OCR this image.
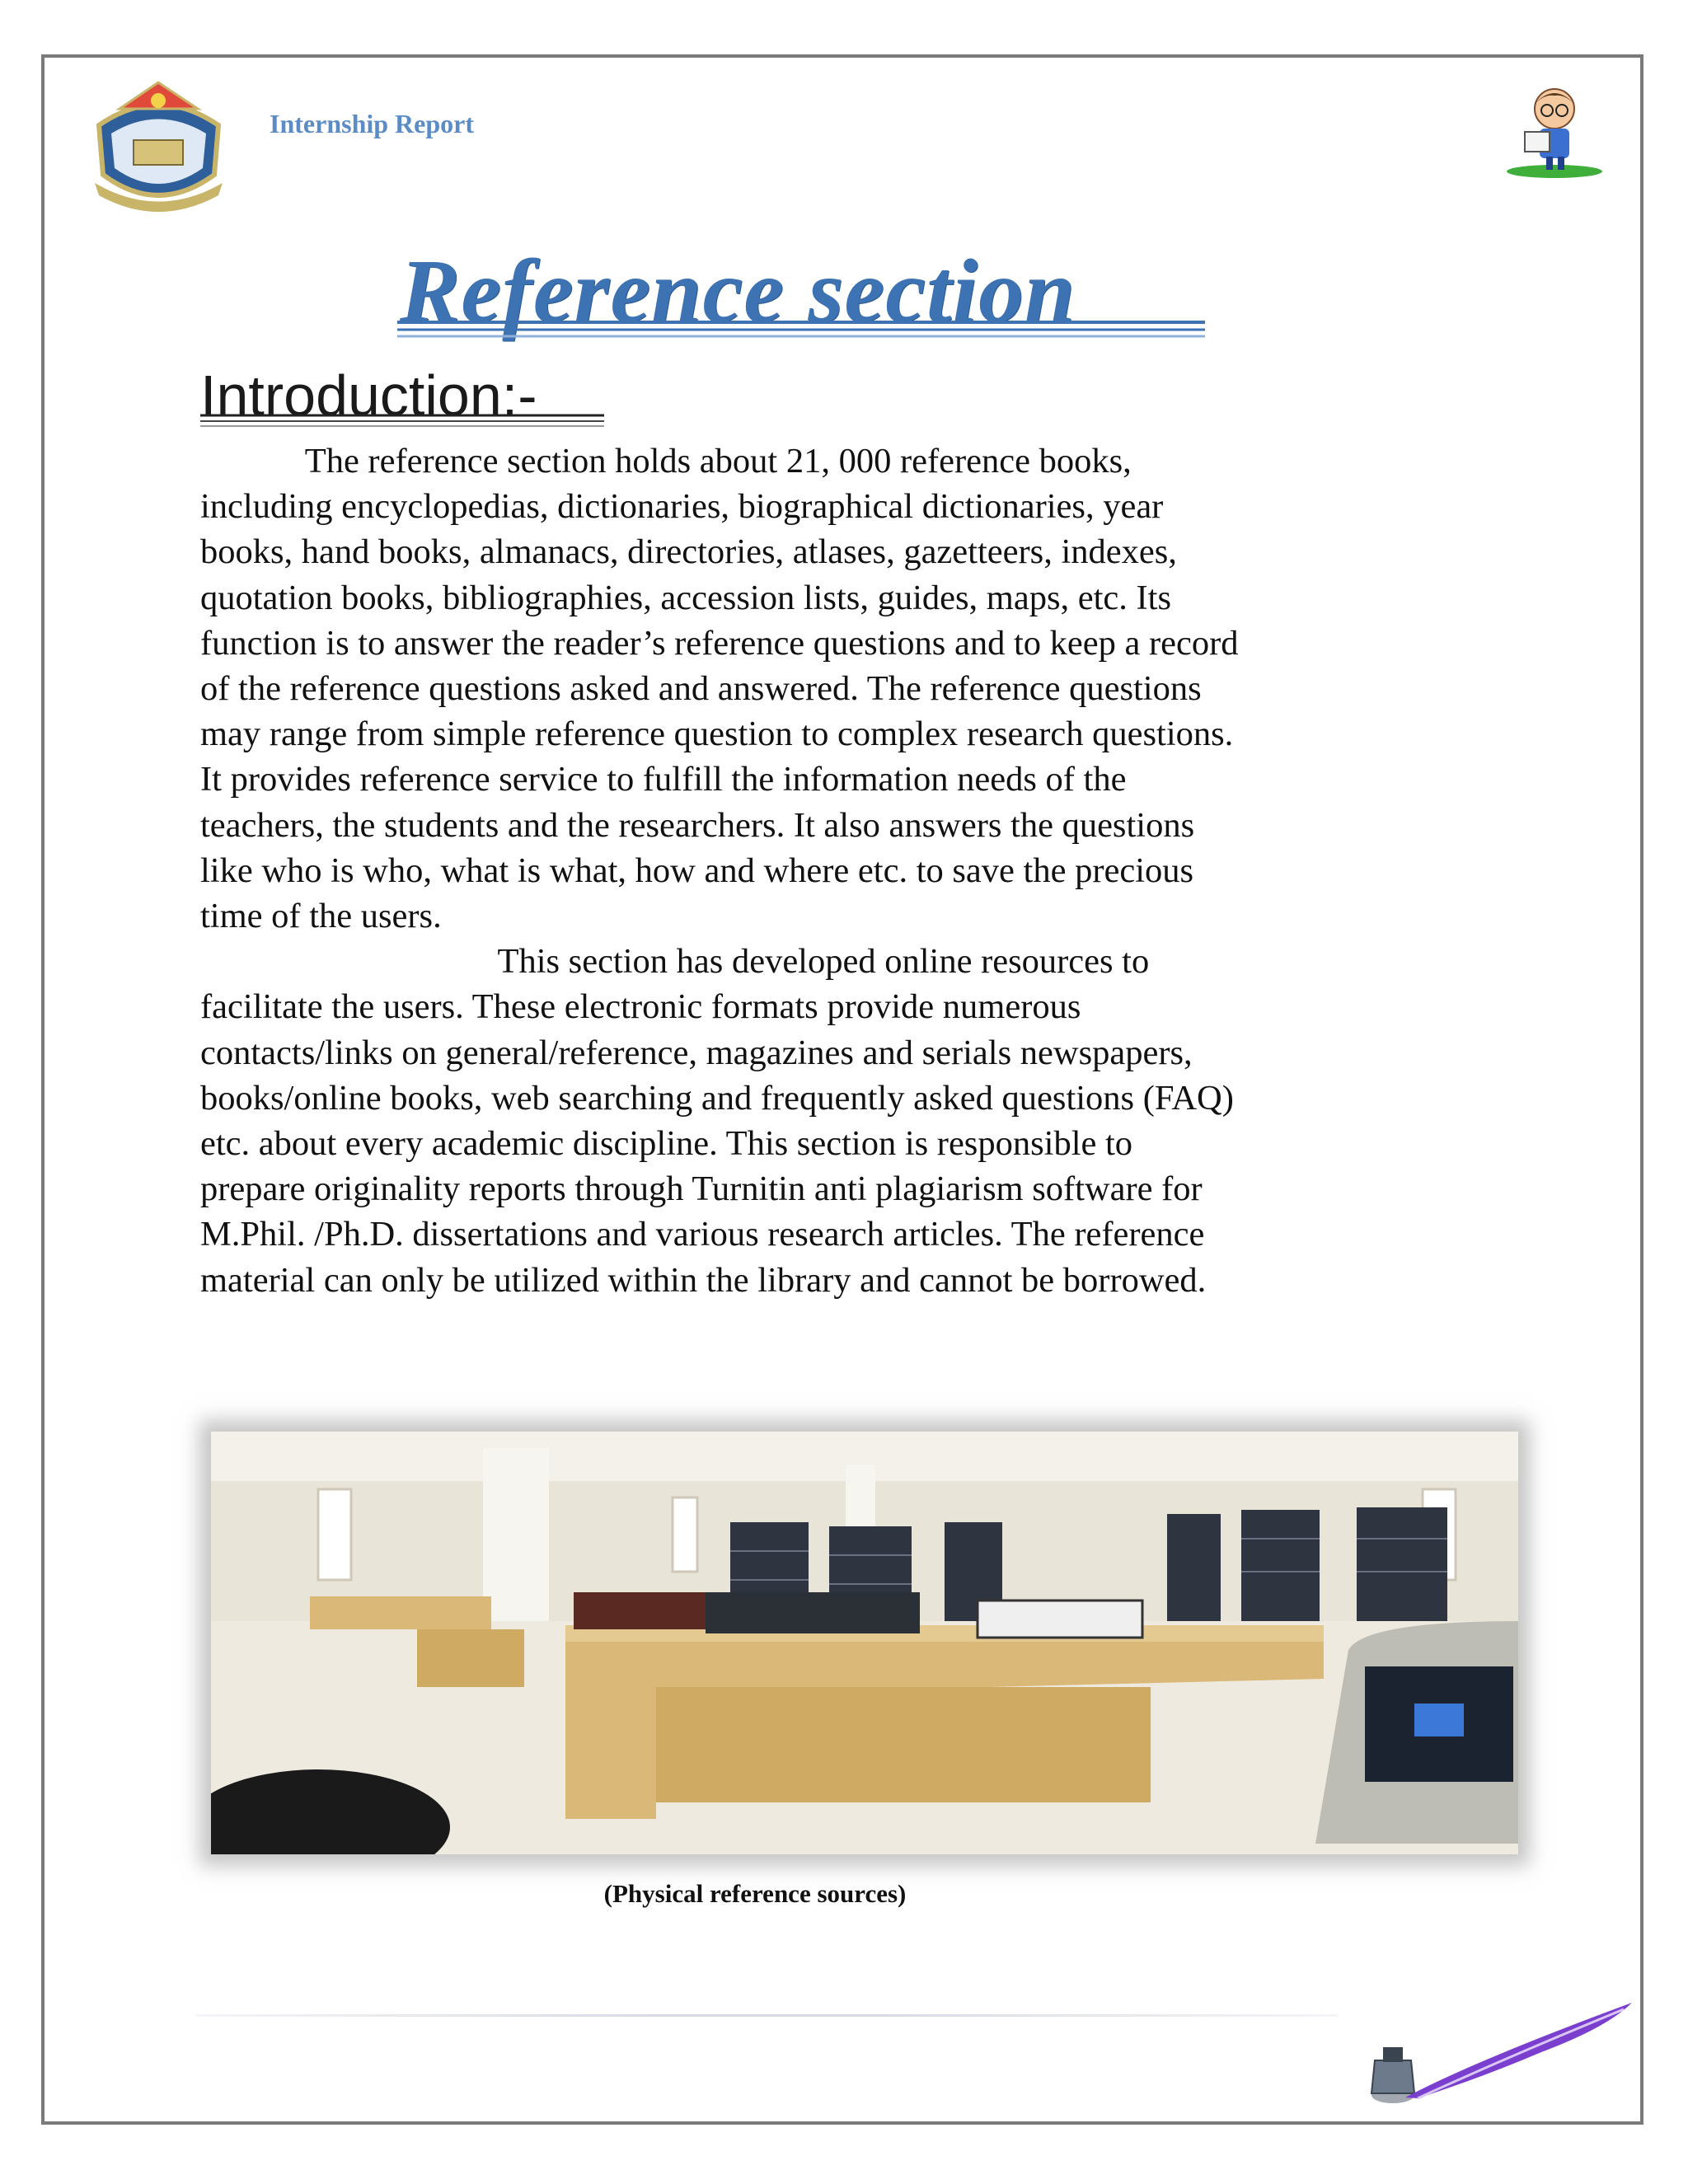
Internship Report
Reference section
Introduction:-
The reference section holds about 21, 000 reference books,
including encyclopedias, dictionaries, biographical dictionaries, year
books, hand books, almanacs, directories, atlases, gazetteers, indexes,
quotation books, bibliographies, accession lists, guides, maps, etc. Its
function is to answer the reader’s reference questions and to keep a record
of the reference questions asked and answered. The reference questions
may range from simple reference question to complex research questions.
It provides reference service to fulfill the information needs of the
teachers, the students and the researchers. It also answers the questions
like who is who, what is what, how and where etc. to save the precious
time of the users.
This section has developed online resources to
facilitate the users. These electronic formats provide numerous
contacts/links on general/reference, magazines and serials newspapers,
books/online books, web searching and frequently asked questions (FAQ)
etc. about every academic discipline. This section is responsible to
prepare originality reports through Turnitin anti plagiarism software for
M.Phil. /Ph.D. dissertations and various research articles. The reference
material can only be utilized within the library and cannot be borrowed.
(Physical reference sources)
